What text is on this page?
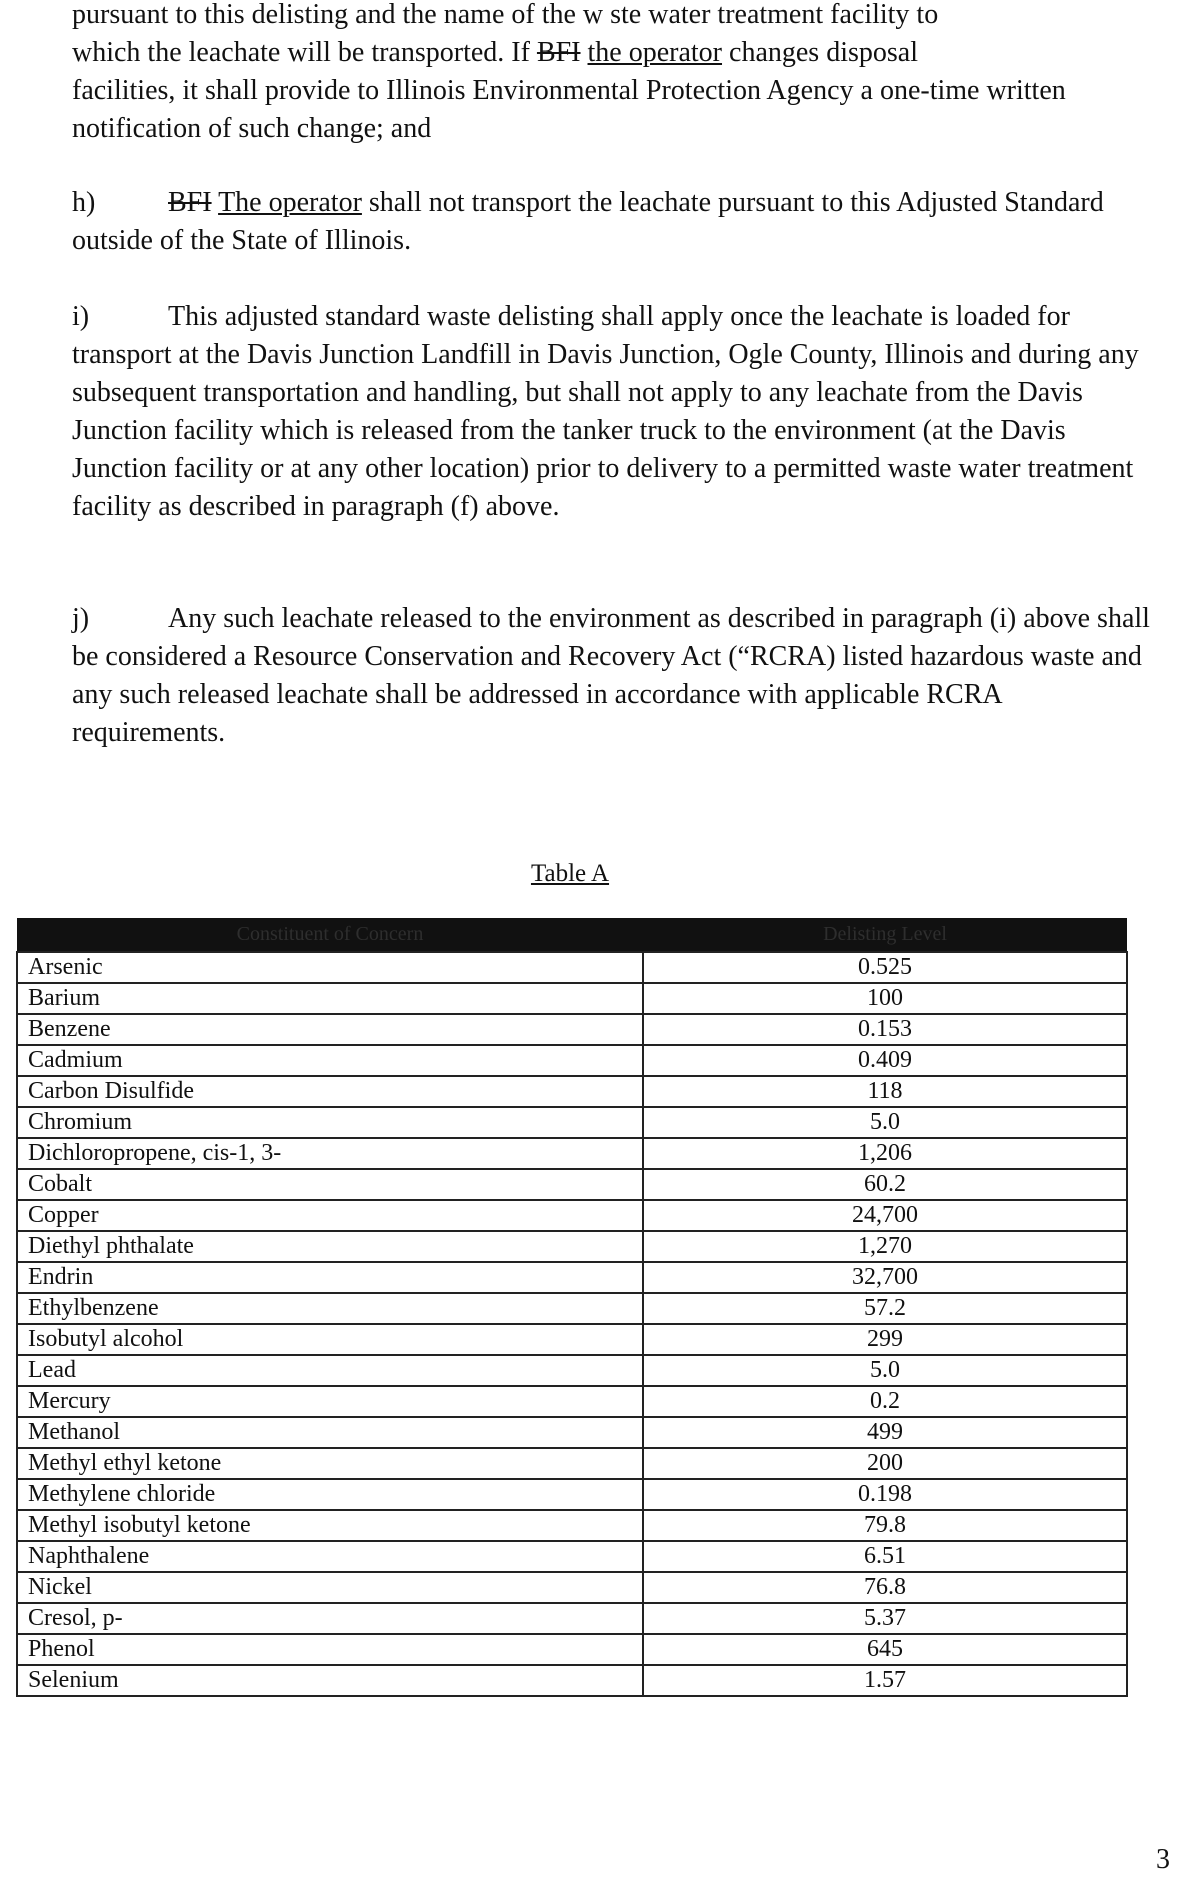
pursuant to this delisting and the name of the w ste water treatment facility to
which the leachate will be transported. If BFI the operator changes disposal
facilities, it shall provide to Illinois Environmental Protection Agency a one-time written notification of such change; and
h)	BFI The operator shall not transport the leachate pursuant to this Adjusted Standard outside of the State of Illinois.
i)	This adjusted standard waste delisting shall apply once the leachate is loaded for transport at the Davis Junction Landfill in Davis Junction, Ogle County, Illinois and during any subsequent transportation and handling, but shall not apply to any leachate from the Davis Junction facility which is released from the tanker truck to the environment (at the Davis Junction facility or at any other location) prior to delivery to a permitted waste water treatment facility as described in paragraph (f) above.
j)	Any such leachate released to the environment as described in paragraph (i) above shall be considered a Resource Conservation and Recovery Act (“RCRA) listed hazardous waste and any such released leachate shall be addressed in accordance with applicable RCRA requirements.
Table A
Constituent of Concern	Delisting Level
Arsenic	0.525
Barium	100
Benzene	0.153
Cadmium	0.409
Carbon Disulfide	118
Chromium	5.0
Dichloropropene, cis-1, 3-	1,206
Cobalt	60.2
Copper	24,700
Diethyl phthalate	1,270
Endrin	32,700
Ethylbenzene	57.2
Isobutyl alcohol	299
Lead	5.0
Mercury	0.2
Methanol	499
Methyl ethyl ketone	200
Methylene chloride	0.198
Methyl isobutyl ketone	79.8
Naphthalene	6.51
Nickel	76.8
Cresol, p-	5.37
Phenol	645
Selenium	1.57
3
